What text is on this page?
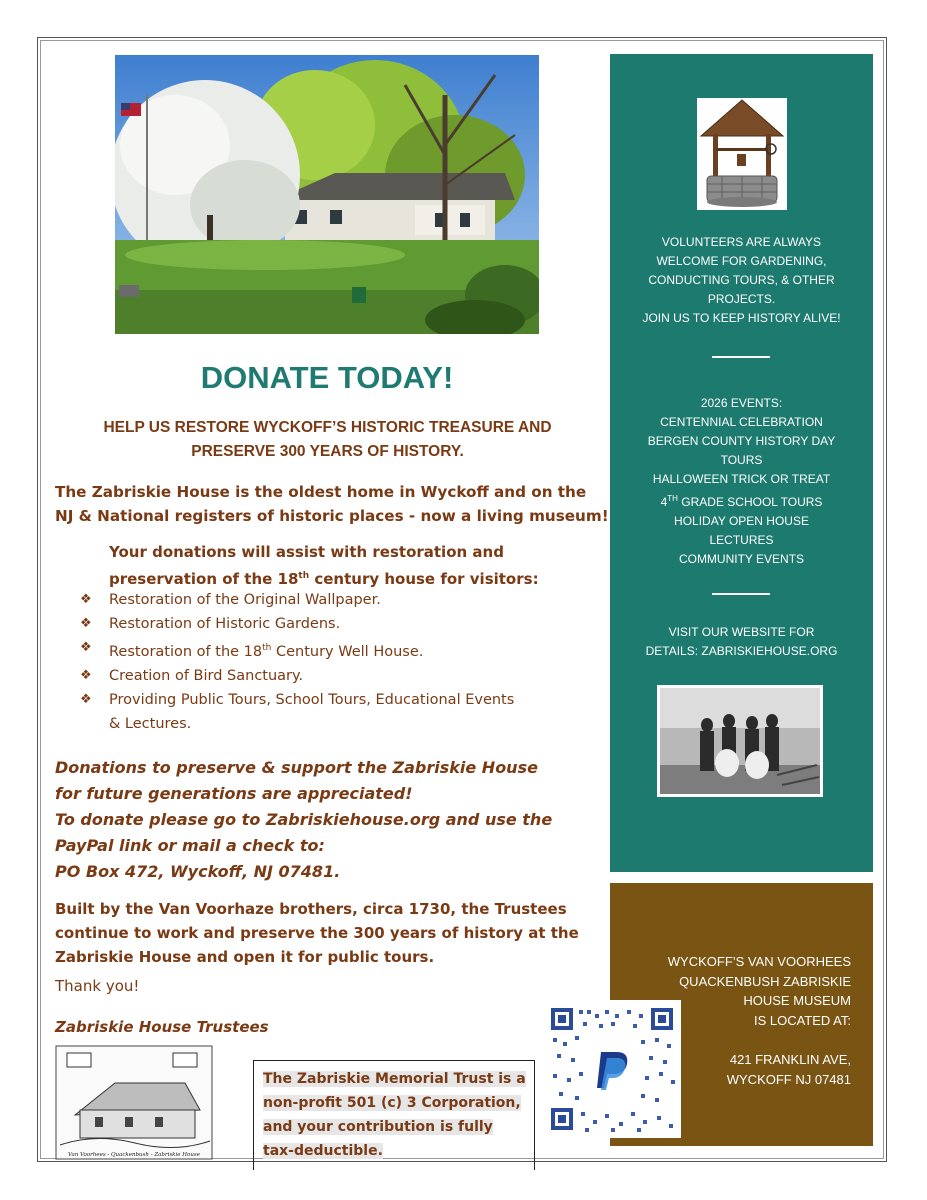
DONATE TODAY!
HELP US RESTORE WYCKOFF’S HISTORIC TREASURE AND
PRESERVE 300 YEARS OF HISTORY.
The Zabriskie House is the oldest home in Wyckoff and on the
NJ & National registers of historic places - now a living museum!
Your donations will assist with restoration and
preservation of the 18th century house for visitors:
❖ Restoration of the Original Wallpaper.
❖ Restoration of Historic Gardens.
❖ Restoration of the 18th Century Well House.
❖ Creation of Bird Sanctuary.
❖ Providing Public Tours, School Tours, Educational Events
& Lectures.
Donations to preserve & support the Zabriskie House
for future generations are appreciated!
To donate please go to Zabriskiehouse.org and use the
PayPal link or mail a check to:
PO Box 472, Wyckoff, NJ 07481.
Built by the Van Voorhaze brothers, circa 1730, the Trustees
continue to work and preserve the 300 years of history at the
Zabriskie House and open it for public tours.
Thank you!
Zabriskie House Trustees
Van Voorhees - Quackenbush - Zabriskie House
The Zabriskie Memorial Trust is a
non-profit 501 (c) 3 Corporation,
and your contribution is fully
tax-deductible.
VOLUNTEERS ARE ALWAYS
WELCOME FOR GARDENING,
CONDUCTING TOURS, & OTHER
PROJECTS.
JOIN US TO KEEP HISTORY ALIVE!
2026 EVENTS:
CENTENNIAL CELEBRATION
BERGEN COUNTY HISTORY DAY
TOURS
HALLOWEEN TRICK OR TREAT
4TH GRADE SCHOOL TOURS
HOLIDAY OPEN HOUSE
LECTURES
COMMUNITY EVENTS
VISIT OUR WEBSITE FOR
DETAILS: ZABRISKIEHOUSE.ORG
WYCKOFF’S VAN VOORHEES
QUACKENBUSH ZABRISKIE
HOUSE MUSEUM
IS LOCATED AT:
421 FRANKLIN AVE,
WYCKOFF NJ 07481
